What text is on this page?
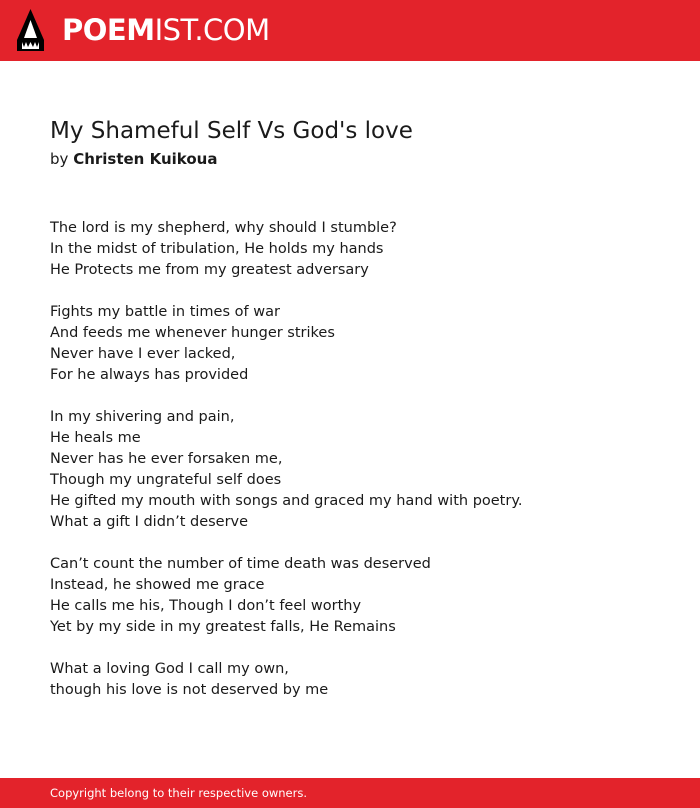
POEMIST.COM
My Shameful Self Vs God's love
by Christen Kuikoua
The lord is my shepherd, why should I stumble?
In the midst of tribulation, He holds my hands
He Protects me from my greatest adversary
Fights my battle in times of war
And feeds me whenever hunger strikes
Never have I ever lacked,
For he always has provided
In my shivering and pain,
He heals me
Never has he ever forsaken me,
Though my ungrateful self does
He gifted my mouth with songs and graced my hand with poetry.
What a gift I didn’t deserve
Can’t count the number of time death was deserved
Instead, he showed me grace
He calls me his, Though I don’t feel worthy
Yet by my side in my greatest falls, He Remains
What a loving God I call my own,
though his love is not deserved by me
Copyright belong to their respective owners.
